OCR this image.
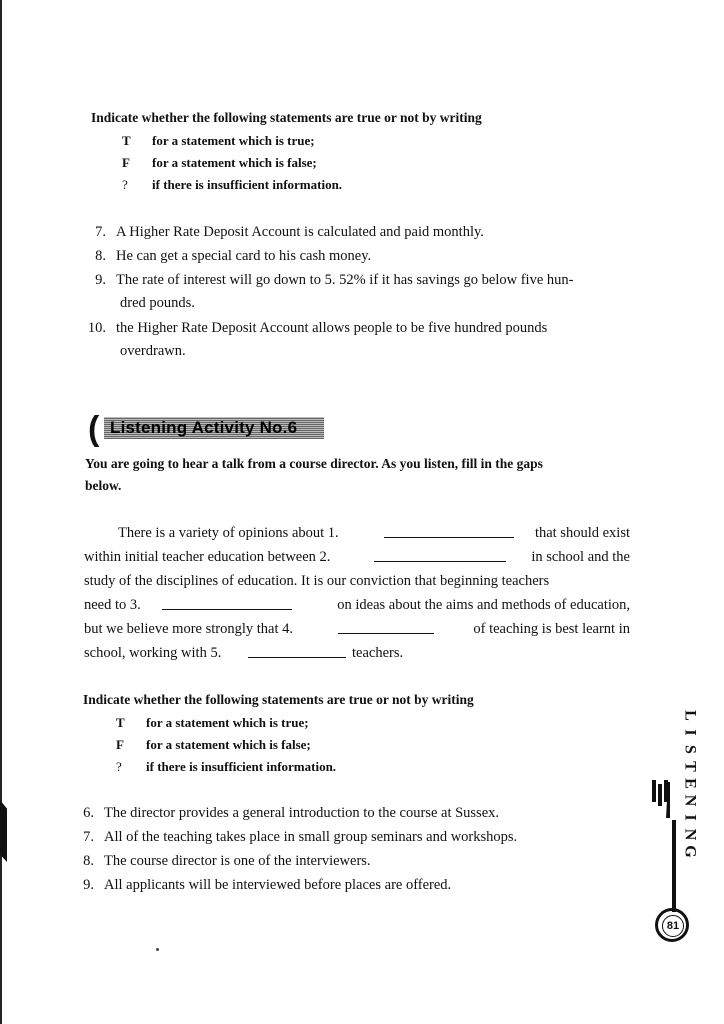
Indicate whether the following statements are true or not by writing
T for a statement which is true;
F for a statement which is false;
? if there is insufficient information.
7. A Higher Rate Deposit Account is calculated and paid monthly.
8. He can get a special card to his cash money.
9. The rate of interest will go down to 5. 52% if it has savings go below five hun-
dred pounds.
10. the Higher Rate Deposit Account allows people to be five hundred pounds
overdrawn.
( Listening Activity No.6
You are going to hear a talk from a course director. As you listen, fill in the gaps
below.
There is a variety of opinions about 1.	that should exist
within initial teacher education between 2.	in school and the
study of the disciplines of education. It is our conviction that beginning teachers
need to 3.	on ideas about the aims and methods of education,
but we believe more strongly that 4.	of teaching is best learnt in
school, working with 5.	teachers.
Indicate whether the following statements are true or not by writing
T for a statement which is true;
F for a statement which is false;
? if there is insufficient information.
6. The director provides a general introduction to the course at Sussex.
7. All of the teaching takes place in small group seminars and workshops.
8. The course director is one of the interviewers.
9. All applicants will be interviewed before places are offered.
L
I
S
T
E
N
I
N
G
81
